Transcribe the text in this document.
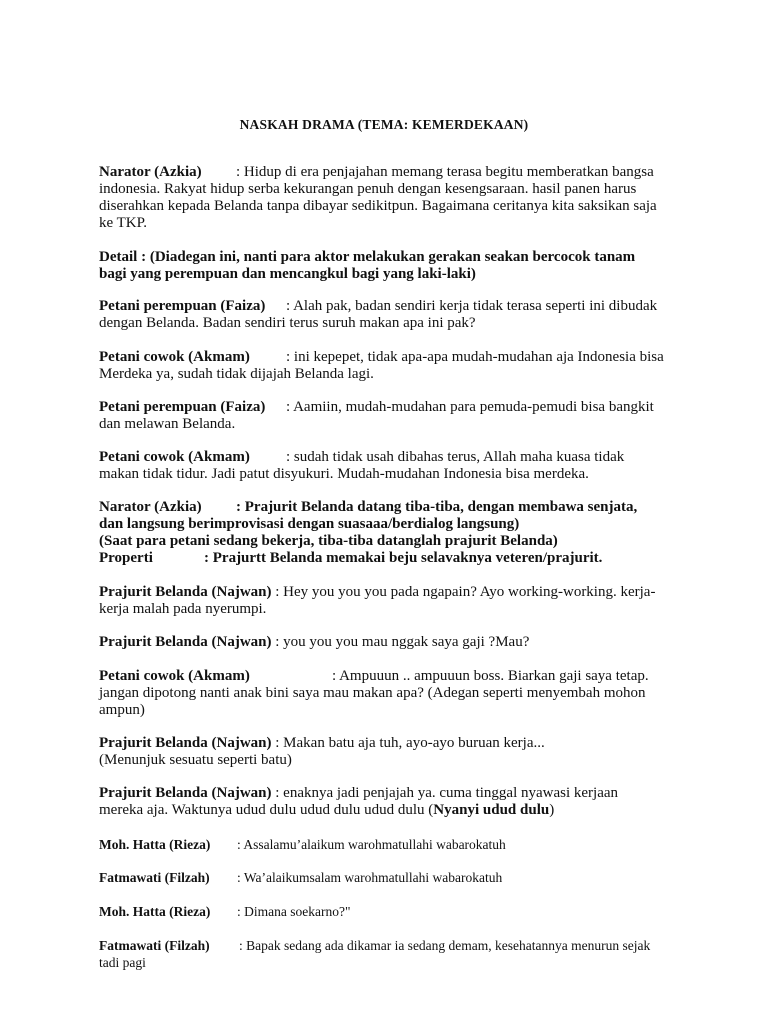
NASKAH DRAMA (TEMA: KEMERDEKAAN)
Narator (Azkia) : Hidup di era penjajahan memang terasa begitu memberatkan bangsa indonesia. Rakyat hidup serba kekurangan penuh dengan kesengsaraan. hasil panen harus diserahkan kepada Belanda tanpa dibayar sedikitpun. Bagaimana ceritanya kita saksikan saja ke TKP.
Detail : (Diadegan ini, nanti para aktor melakukan gerakan seakan bercocok tanam bagi yang perempuan dan mencangkul bagi yang laki-laki)
Petani perempuan (Faiza) : Alah pak, badan sendiri kerja tidak terasa seperti ini dibudak dengan Belanda. Badan sendiri terus suruh makan apa ini pak?
Petani cowok (Akmam) : ini kepepet, tidak apa-apa mudah-mudahan aja Indonesia bisa Merdeka ya, sudah tidak dijajah Belanda lagi.
Petani perempuan (Faiza) : Aamiin, mudah-mudahan para pemuda-pemudi bisa bangkit dan melawan Belanda.
Petani cowok (Akmam) : sudah tidak usah dibahas terus, Allah maha kuasa tidak makan tidak tidur. Jadi patut disyukuri. Mudah-mudahan Indonesia bisa merdeka.
Narator (Azkia) : Prajurit Belanda datang tiba-tiba, dengan membawa senjata, dan langsung berimprovisasi dengan suasaaa/berdialog langsung)
(Saat para petani sedang bekerja, tiba-tiba datanglah prajurit Belanda)
Properti	: Prajurtt Belanda memakai beju selavaknya veteren/prajurit.
Prajurit Belanda (Najwan) : Hey you you you pada ngapain? Ayo working-working. kerja-kerja malah pada nyerumpi.
Prajurit Belanda (Najwan) : you you you mau nggak saya gaji ?Mau?
Petani cowok (Akmam)	: Ampuuun .. ampuuun boss. Biarkan gaji saya tetap. jangan dipotong nanti anak bini saya mau makan apa? (Adegan seperti menyembah mohon ampun)
Prajurit Belanda (Najwan) : Makan batu aja tuh, ayo-ayo buruan kerja...
(Menunjuk sesuatu seperti batu)
Prajurit Belanda (Najwan) : enaknya jadi penjajah ya. cuma tinggal nyawasi kerjaan mereka aja. Waktunya udud dulu udud dulu udud dulu (Nyanyi udud dulu)
Moh. Hatta (Rieza) : Assalamu’alaikum warohmatullahi wabarokatuh
Fatmawati (Filzah) : Wa’alaikumsalam warohmatullahi wabarokatuh
Moh. Hatta (Rieza) : Dimana soekarno?"
Fatmawati (Filzah) : Bapak sedang ada dikamar ia sedang demam, kesehatannya menurun sejak tadi pagi
